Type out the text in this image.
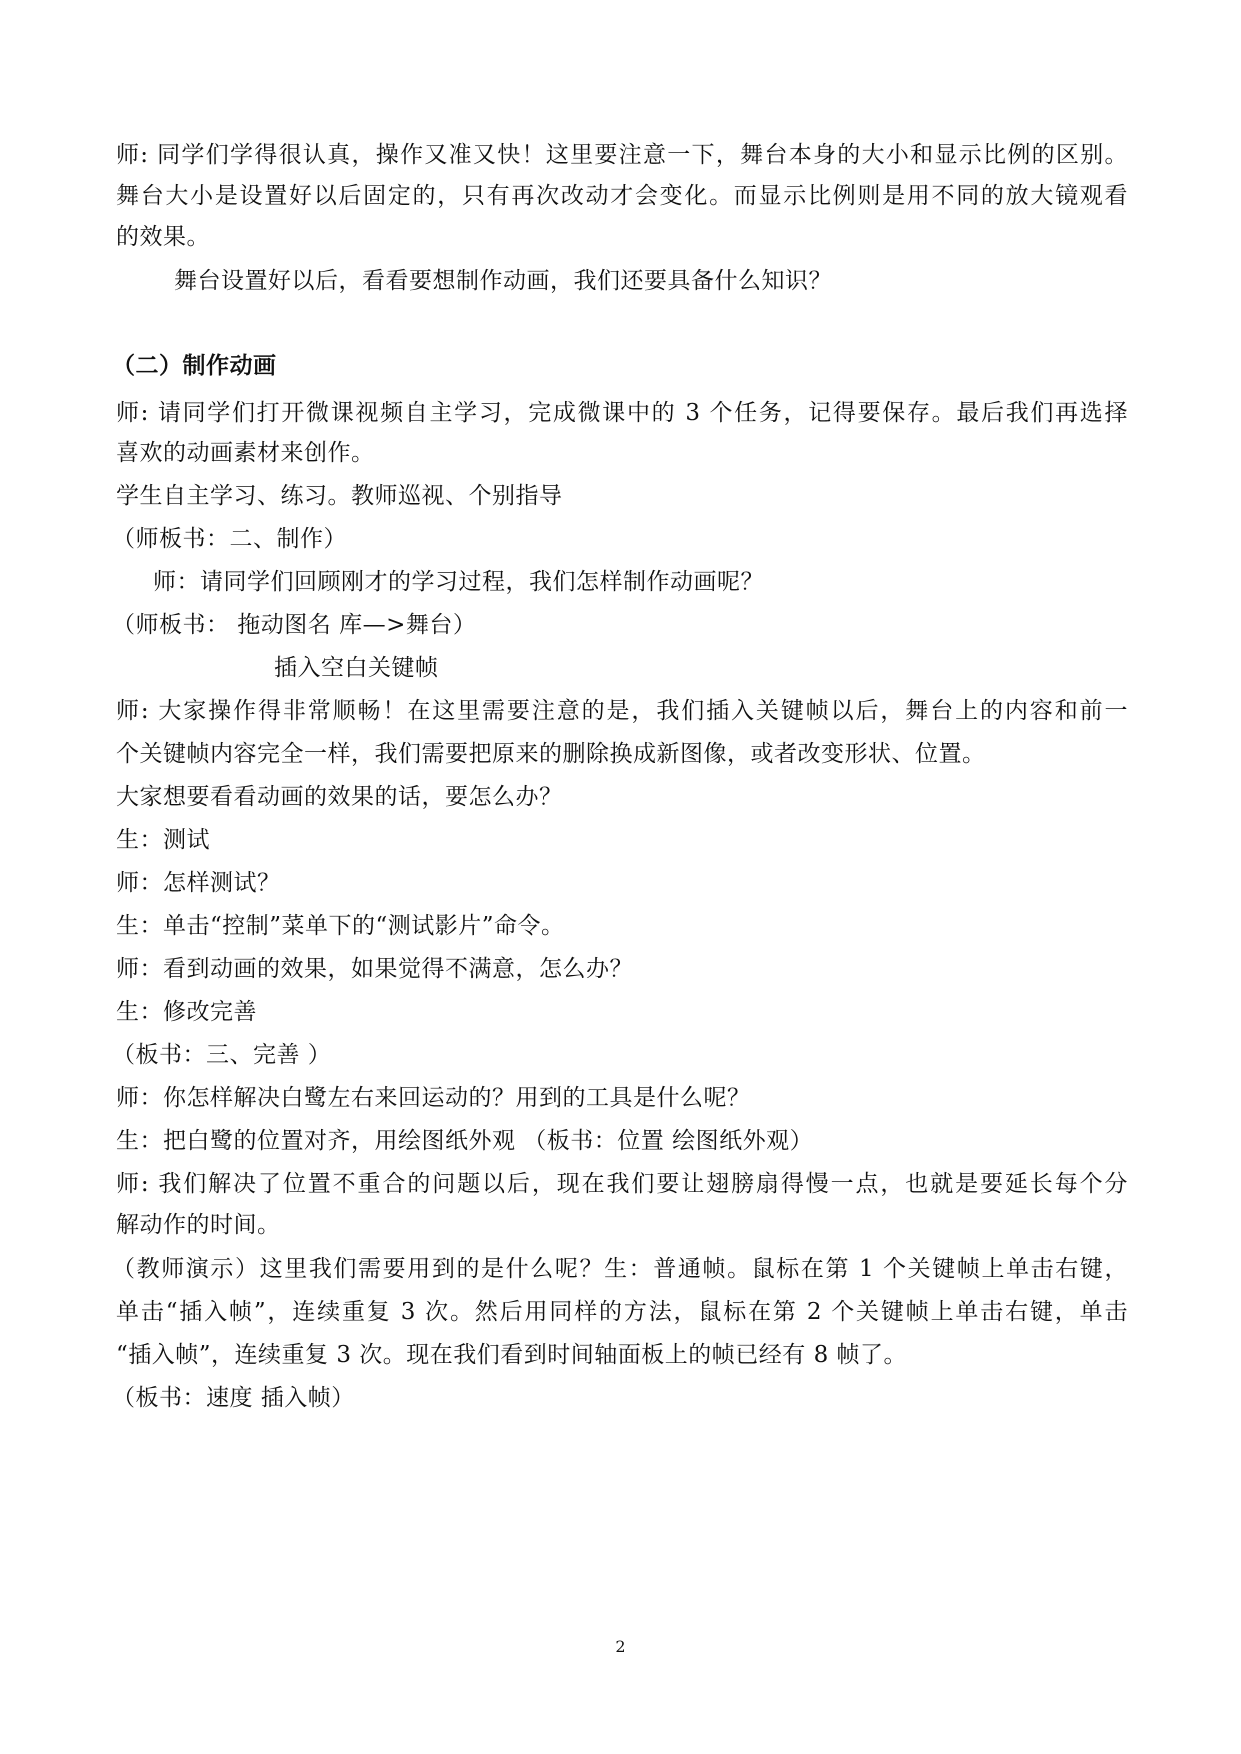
师: 同学们学得很认真，操作又准又快！这里要注意一下，舞台本身的大小和显示比例的区别。
舞台大小是设置好以后固定的，只有再次改动才会变化。而显示比例则是用不同的放大镜观看
的效果。
舞台设置好以后，看看要想制作动画，我们还要具备什么知识？
（二）制作动画
师: 请同学们打开微课视频自主学习，完成微课中的 3 个任务，记得要保存。最后我们再选择
喜欢的动画素材来创作。
学生自主学习、练习。教师巡视、个别指导
（师板书：二、制作）
师：请同学们回顾刚才的学习过程，我们怎样制作动画呢？
（师板书： 拖动图名 库—>舞台）
插入空白关键帧
师: 大家操作得非常顺畅！在这里需要注意的是，我们插入关键帧以后，舞台上的内容和前一
个关键帧内容完全一样，我们需要把原来的删除换成新图像，或者改变形状、位置。
大家想要看看动画的效果的话，要怎么办？
生：测试
师：怎样测试？
生：单击“控制”菜单下的“测试影片”命令。
师：看到动画的效果，如果觉得不满意，怎么办？
生：修改完善
（板书：三、完善 ）
师：你怎样解决白鹭左右来回运动的？用到的工具是什么呢？
生：把白鹭的位置对齐，用绘图纸外观 （板书：位置 绘图纸外观）
师: 我们解决了位置不重合的问题以后，现在我们要让翅膀扇得慢一点，也就是要延长每个分
解动作的时间。
（教师演示）这里我们需要用到的是什么呢？生：普通帧。鼠标在第 1 个关键帧上单击右键，
单击“插入帧”，连续重复 3 次。然后用同样的方法，鼠标在第 2 个关键帧上单击右键，单击
“插入帧”，连续重复 3 次。现在我们看到时间轴面板上的帧已经有 8 帧了。
（板书：速度 插入帧）
2
